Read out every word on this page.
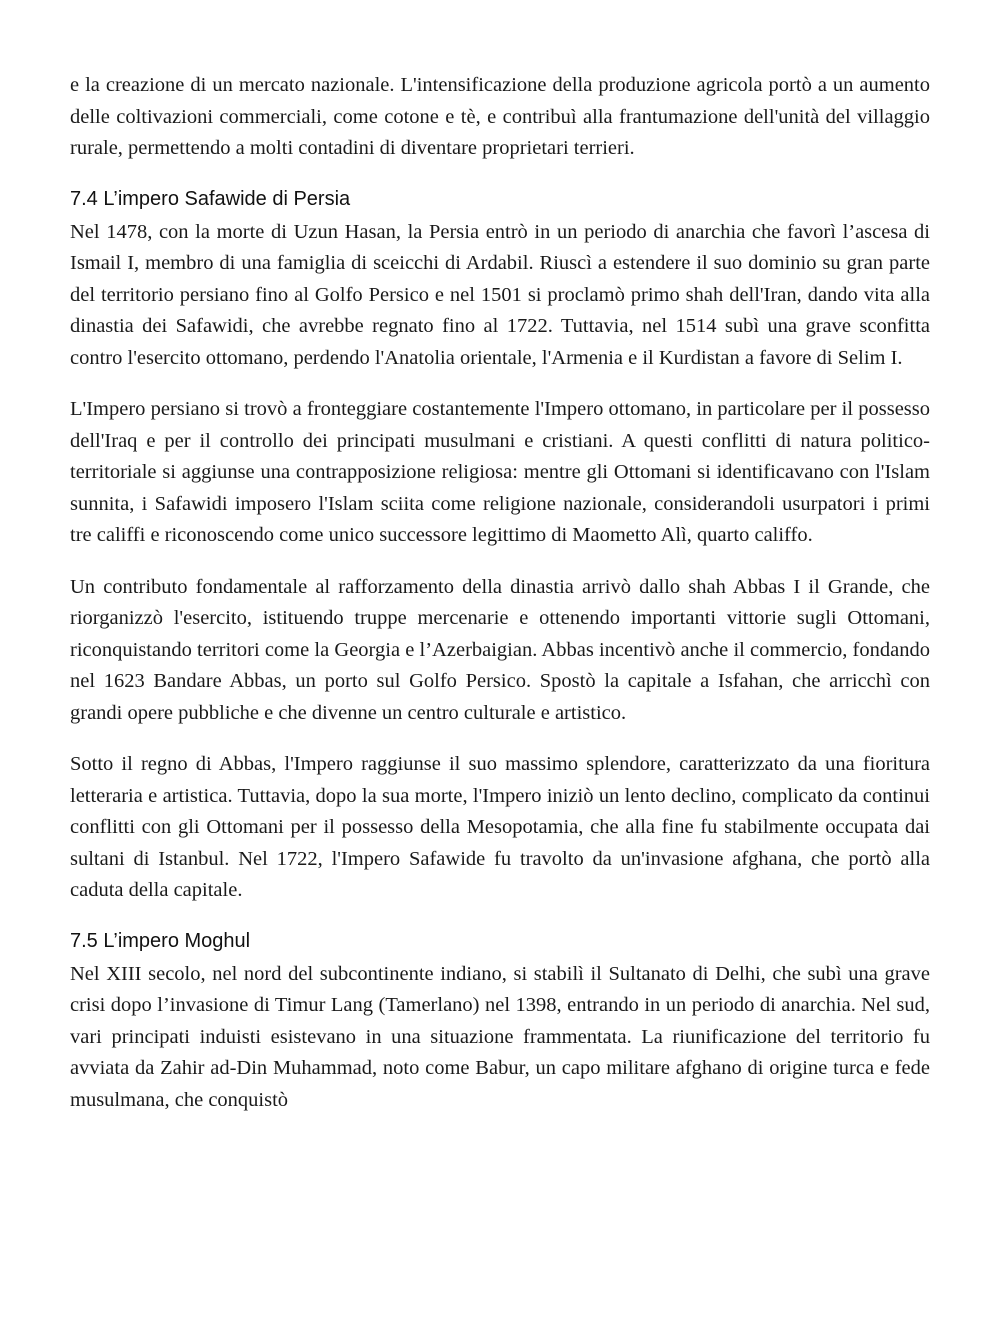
e la creazione di un mercato nazionale. L'intensificazione della produzione agricola portò a un aumento delle coltivazioni commerciali, come cotone e tè, e contribuì alla frantumazione dell'unità del villaggio rurale, permettendo a molti contadini di diventare proprietari terrieri.

7.4 L’impero Safawide di Persia

Nel 1478, con la morte di Uzun Hasan, la Persia entrò in un periodo di anarchia che favorì l’ascesa di Ismail I, membro di una famiglia di sceicchi di Ardabil. Riuscì a estendere il suo dominio su gran parte del territorio persiano fino al Golfo Persico e nel 1501 si proclamò primo shah dell'Iran, dando vita alla dinastia dei Safawidi, che avrebbe regnato fino al 1722. Tuttavia, nel 1514 subì una grave sconfitta contro l'esercito ottomano, perdendo l'Anatolia orientale, l'Armenia e il Kurdistan a favore di Selim I.

L'Impero persiano si trovò a fronteggiare costantemente l'Impero ottomano, in particolare per il possesso dell'Iraq e per il controllo dei principati musulmani e cristiani. A questi conflitti di natura politico-territoriale si aggiunse una contrapposizione religiosa: mentre gli Ottomani si identificavano con l'Islam sunnita, i Safawidi imposero l'Islam sciita come religione nazionale, considerandoli usurpatori i primi tre califfi e riconoscendo come unico successore legittimo di Maometto Alì, quarto califfo.

Un contributo fondamentale al rafforzamento della dinastia arrivò dallo shah Abbas I il Grande, che riorganizzò l'esercito, istituendo truppe mercenarie e ottenendo importanti vittorie sugli Ottomani, riconquistando territori come la Georgia e l’Azerbaigian. Abbas incentivò anche il commercio, fondando nel 1623 Bandare Abbas, un porto sul Golfo Persico. Spostò la capitale a Isfahan, che arricchì con grandi opere pubbliche e che divenne un centro culturale e artistico.

Sotto il regno di Abbas, l'Impero raggiunse il suo massimo splendore, caratterizzato da una fioritura letteraria e artistica. Tuttavia, dopo la sua morte, l'Impero iniziò un lento declino, complicato da continui conflitti con gli Ottomani per il possesso della Mesopotamia, che alla fine fu stabilmente occupata dai sultani di Istanbul. Nel 1722, l'Impero Safawide fu travolto da un'invasione afghana, che portò alla caduta della capitale.

7.5 L’impero Moghul

Nel XIII secolo, nel nord del subcontinente indiano, si stabilì il Sultanato di Delhi, che subì una grave crisi dopo l’invasione di Timur Lang (Tamerlano) nel 1398, entrando in un periodo di anarchia. Nel sud, vari principati induisti esistevano in una situazione frammentata. La riunificazione del territorio fu avviata da Zahir ad-Din Muhammad, noto come Babur, un capo militare afghano di origine turca e fede musulmana, che conquistò
